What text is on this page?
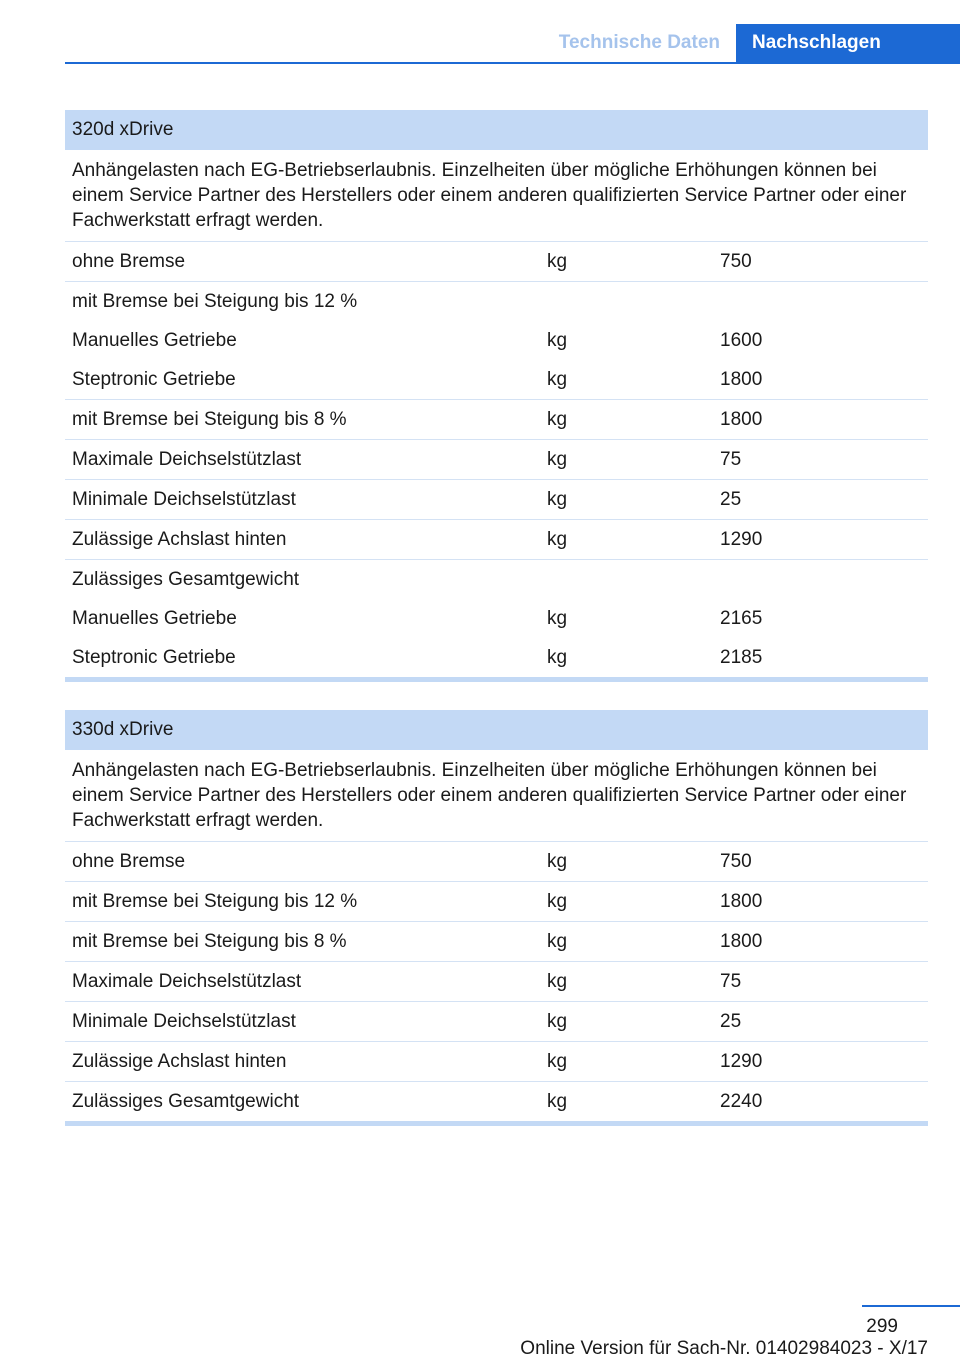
Technische Daten	Nachschlagen
320d xDrive
Anhängelasten nach EG-Betriebserlaubnis. Einzelheiten über mögliche Erhöhungen können bei einem Service Partner des Herstellers oder einem anderen qualifizierten Service Partner oder einer Fachwerkstatt erfragt werden.
ohne Bremse	kg	750
mit Bremse bei Steigung bis 12 %
Manuelles Getriebe	kg	1600
Steptronic Getriebe	kg	1800
mit Bremse bei Steigung bis 8 %	kg	1800
Maximale Deichselstützlast	kg	75
Minimale Deichselstützlast	kg	25
Zulässige Achslast hinten	kg	1290
Zulässiges Gesamtgewicht
Manuelles Getriebe	kg	2165
Steptronic Getriebe	kg	2185
330d xDrive
Anhängelasten nach EG-Betriebserlaubnis. Einzelheiten über mögliche Erhöhungen können bei einem Service Partner des Herstellers oder einem anderen qualifizierten Service Partner oder einer Fachwerkstatt erfragt werden.
ohne Bremse	kg	750
mit Bremse bei Steigung bis 12 %	kg	1800
mit Bremse bei Steigung bis 8 %	kg	1800
Maximale Deichselstützlast	kg	75
Minimale Deichselstützlast	kg	25
Zulässige Achslast hinten	kg	1290
Zulässiges Gesamtgewicht	kg	2240
299
Online Version für Sach-Nr. 01402984023 - X/17
